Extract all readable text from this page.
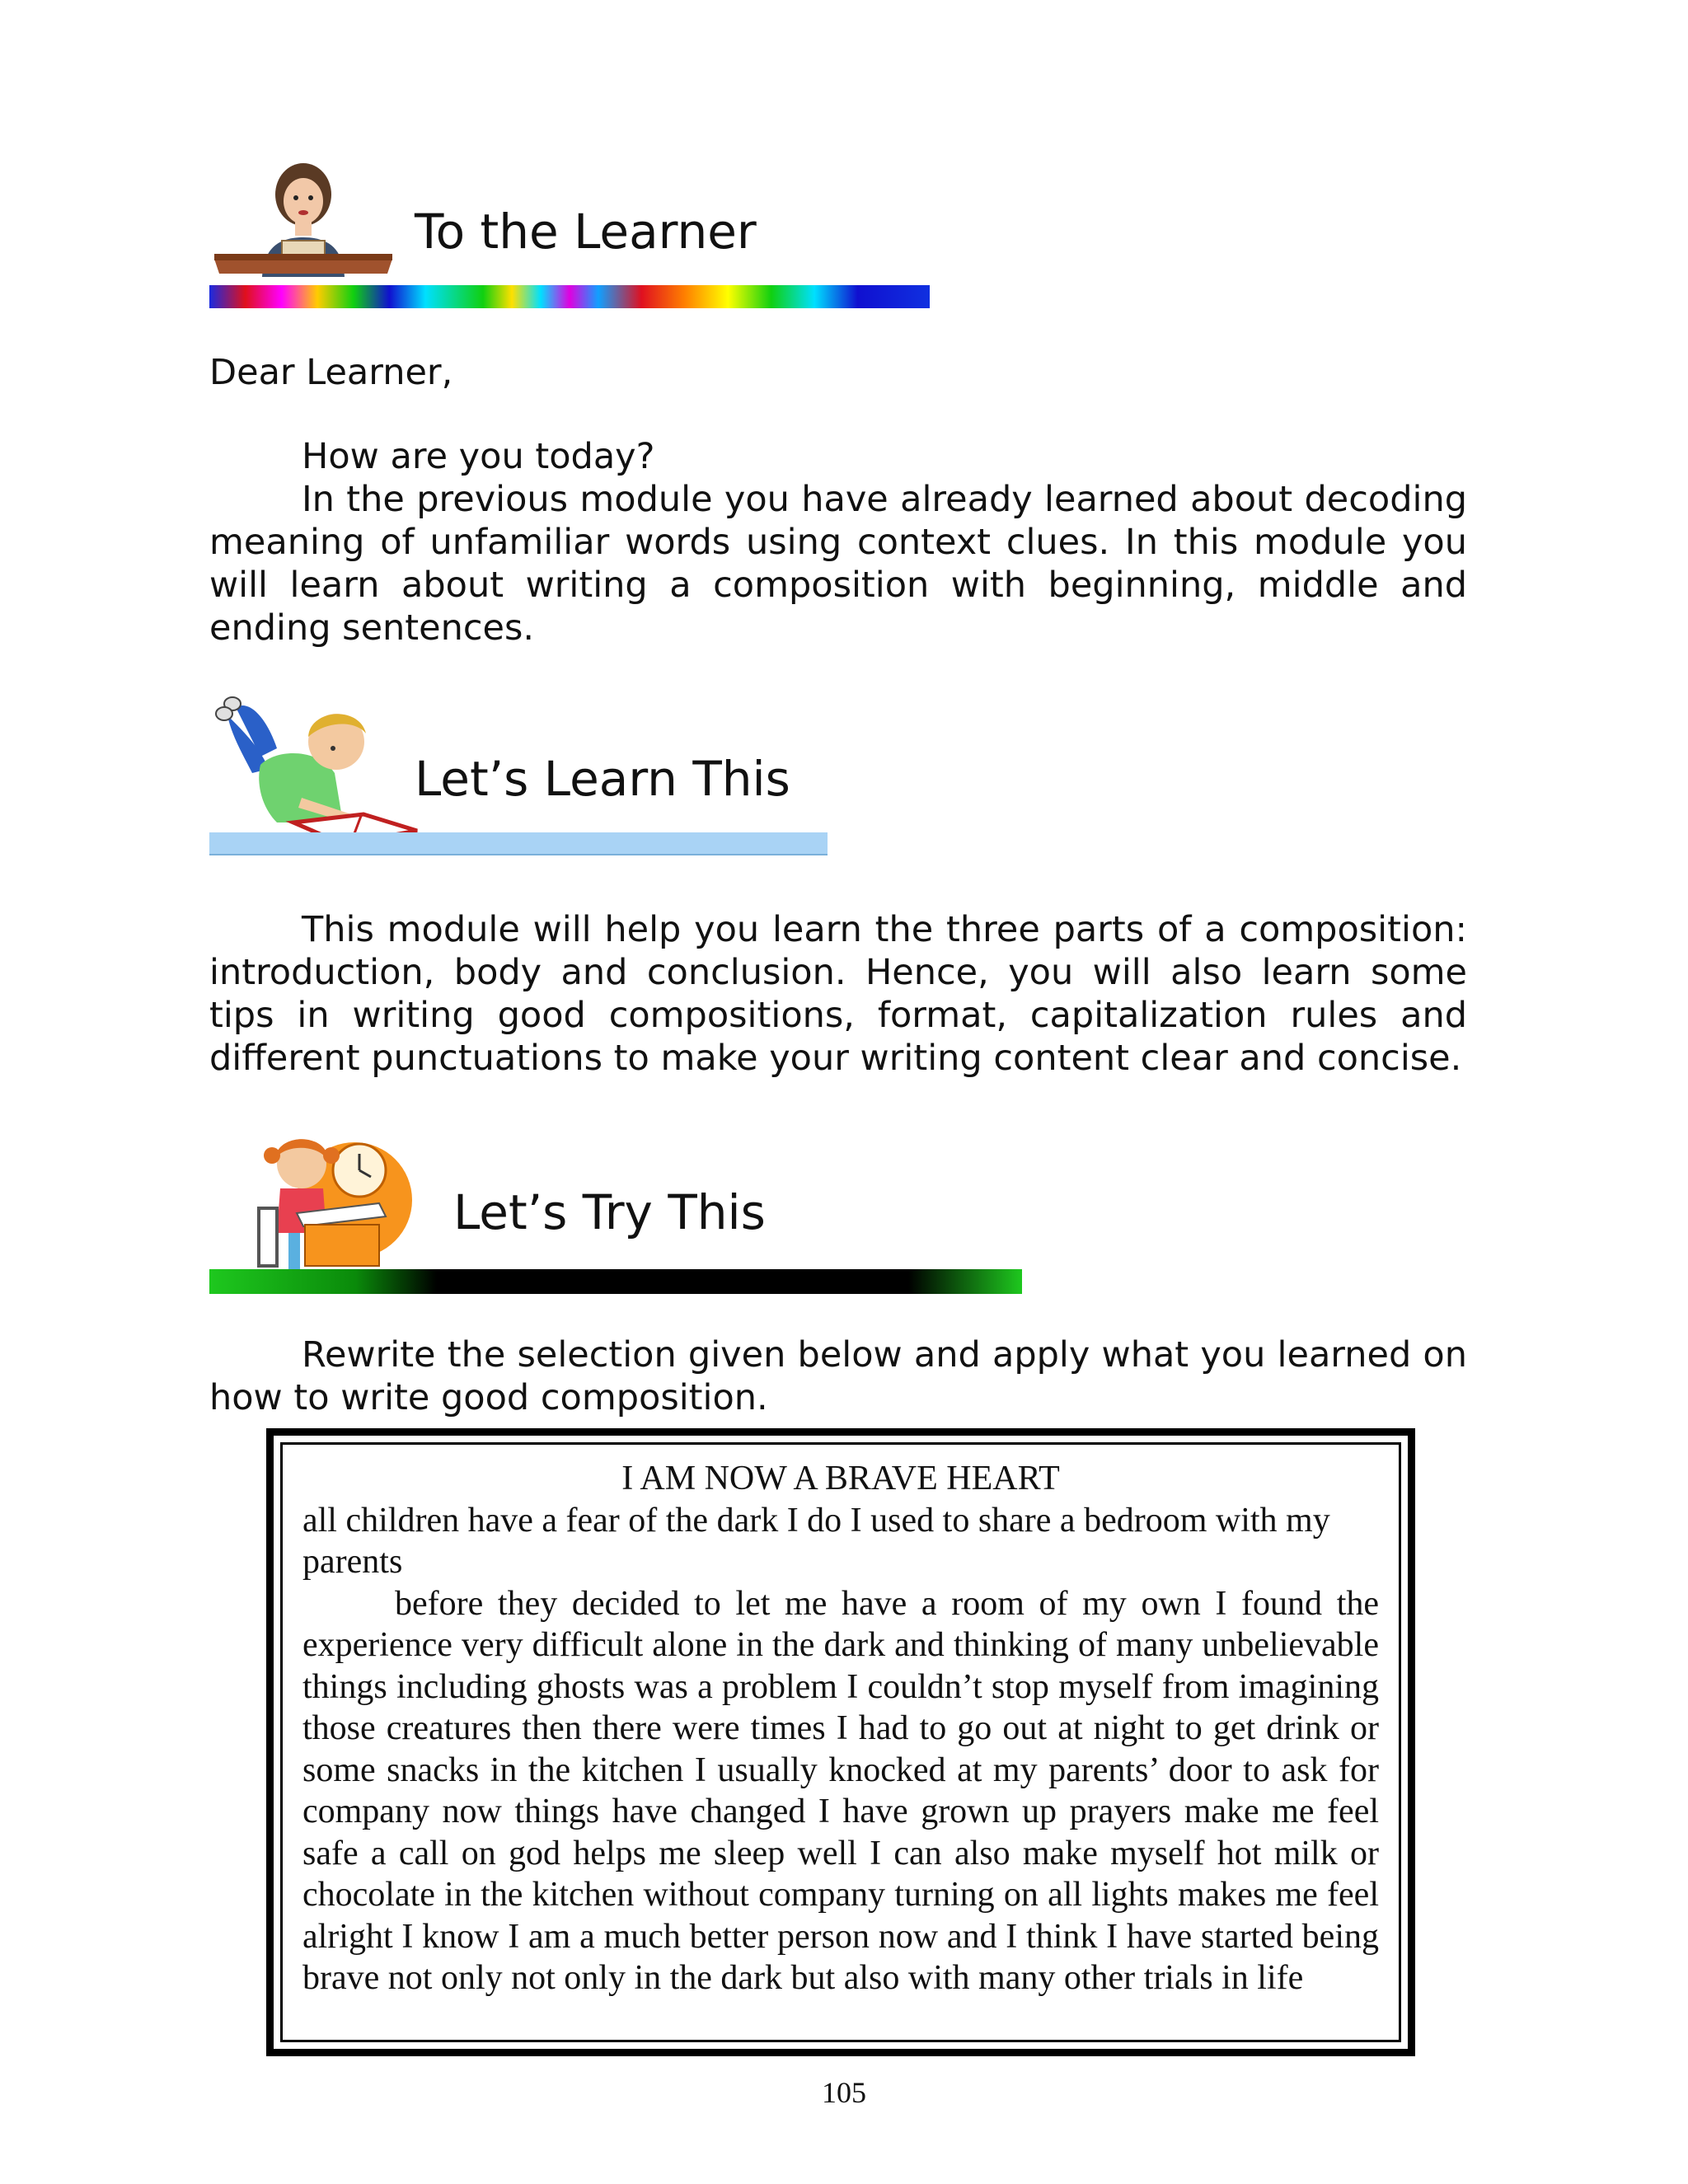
To the Learner
Dear Learner,

How are you today?

In the previous module you have already learned about decoding meaning of unfamiliar words using context clues. In this module you will learn about writing a composition with beginning, middle and ending sentences.

Let’s Learn This

This module will help you learn the three parts of a composition: introduction, body and conclusion. Hence, you will also learn some tips in writing good compositions, format, capitalization rules and different punctuations to make your writing content clear and concise.

Let’s Try This

Rewrite the selection given below and apply what you learned on how to write good composition.

I AM NOW A BRAVE HEART

all children have a fear of the dark I do I used to share a bedroom with my parents

before they decided to let me have a room of my own I found the experience very difficult alone in the dark and thinking of many unbelievable things including ghosts was a problem I couldn’t stop myself from imagining those creatures then there were times I had to go out at night to get drink or some snacks in the kitchen I usually knocked at my parents’ door to ask for company now things have changed I have grown up prayers make me feel safe a call on god helps me sleep well I can also make myself hot milk or chocolate in the kitchen without company turning on all lights makes me feel alright I know I am a much better person now and I think I have started being brave not only not only in the dark but also with many other trials in life

105
